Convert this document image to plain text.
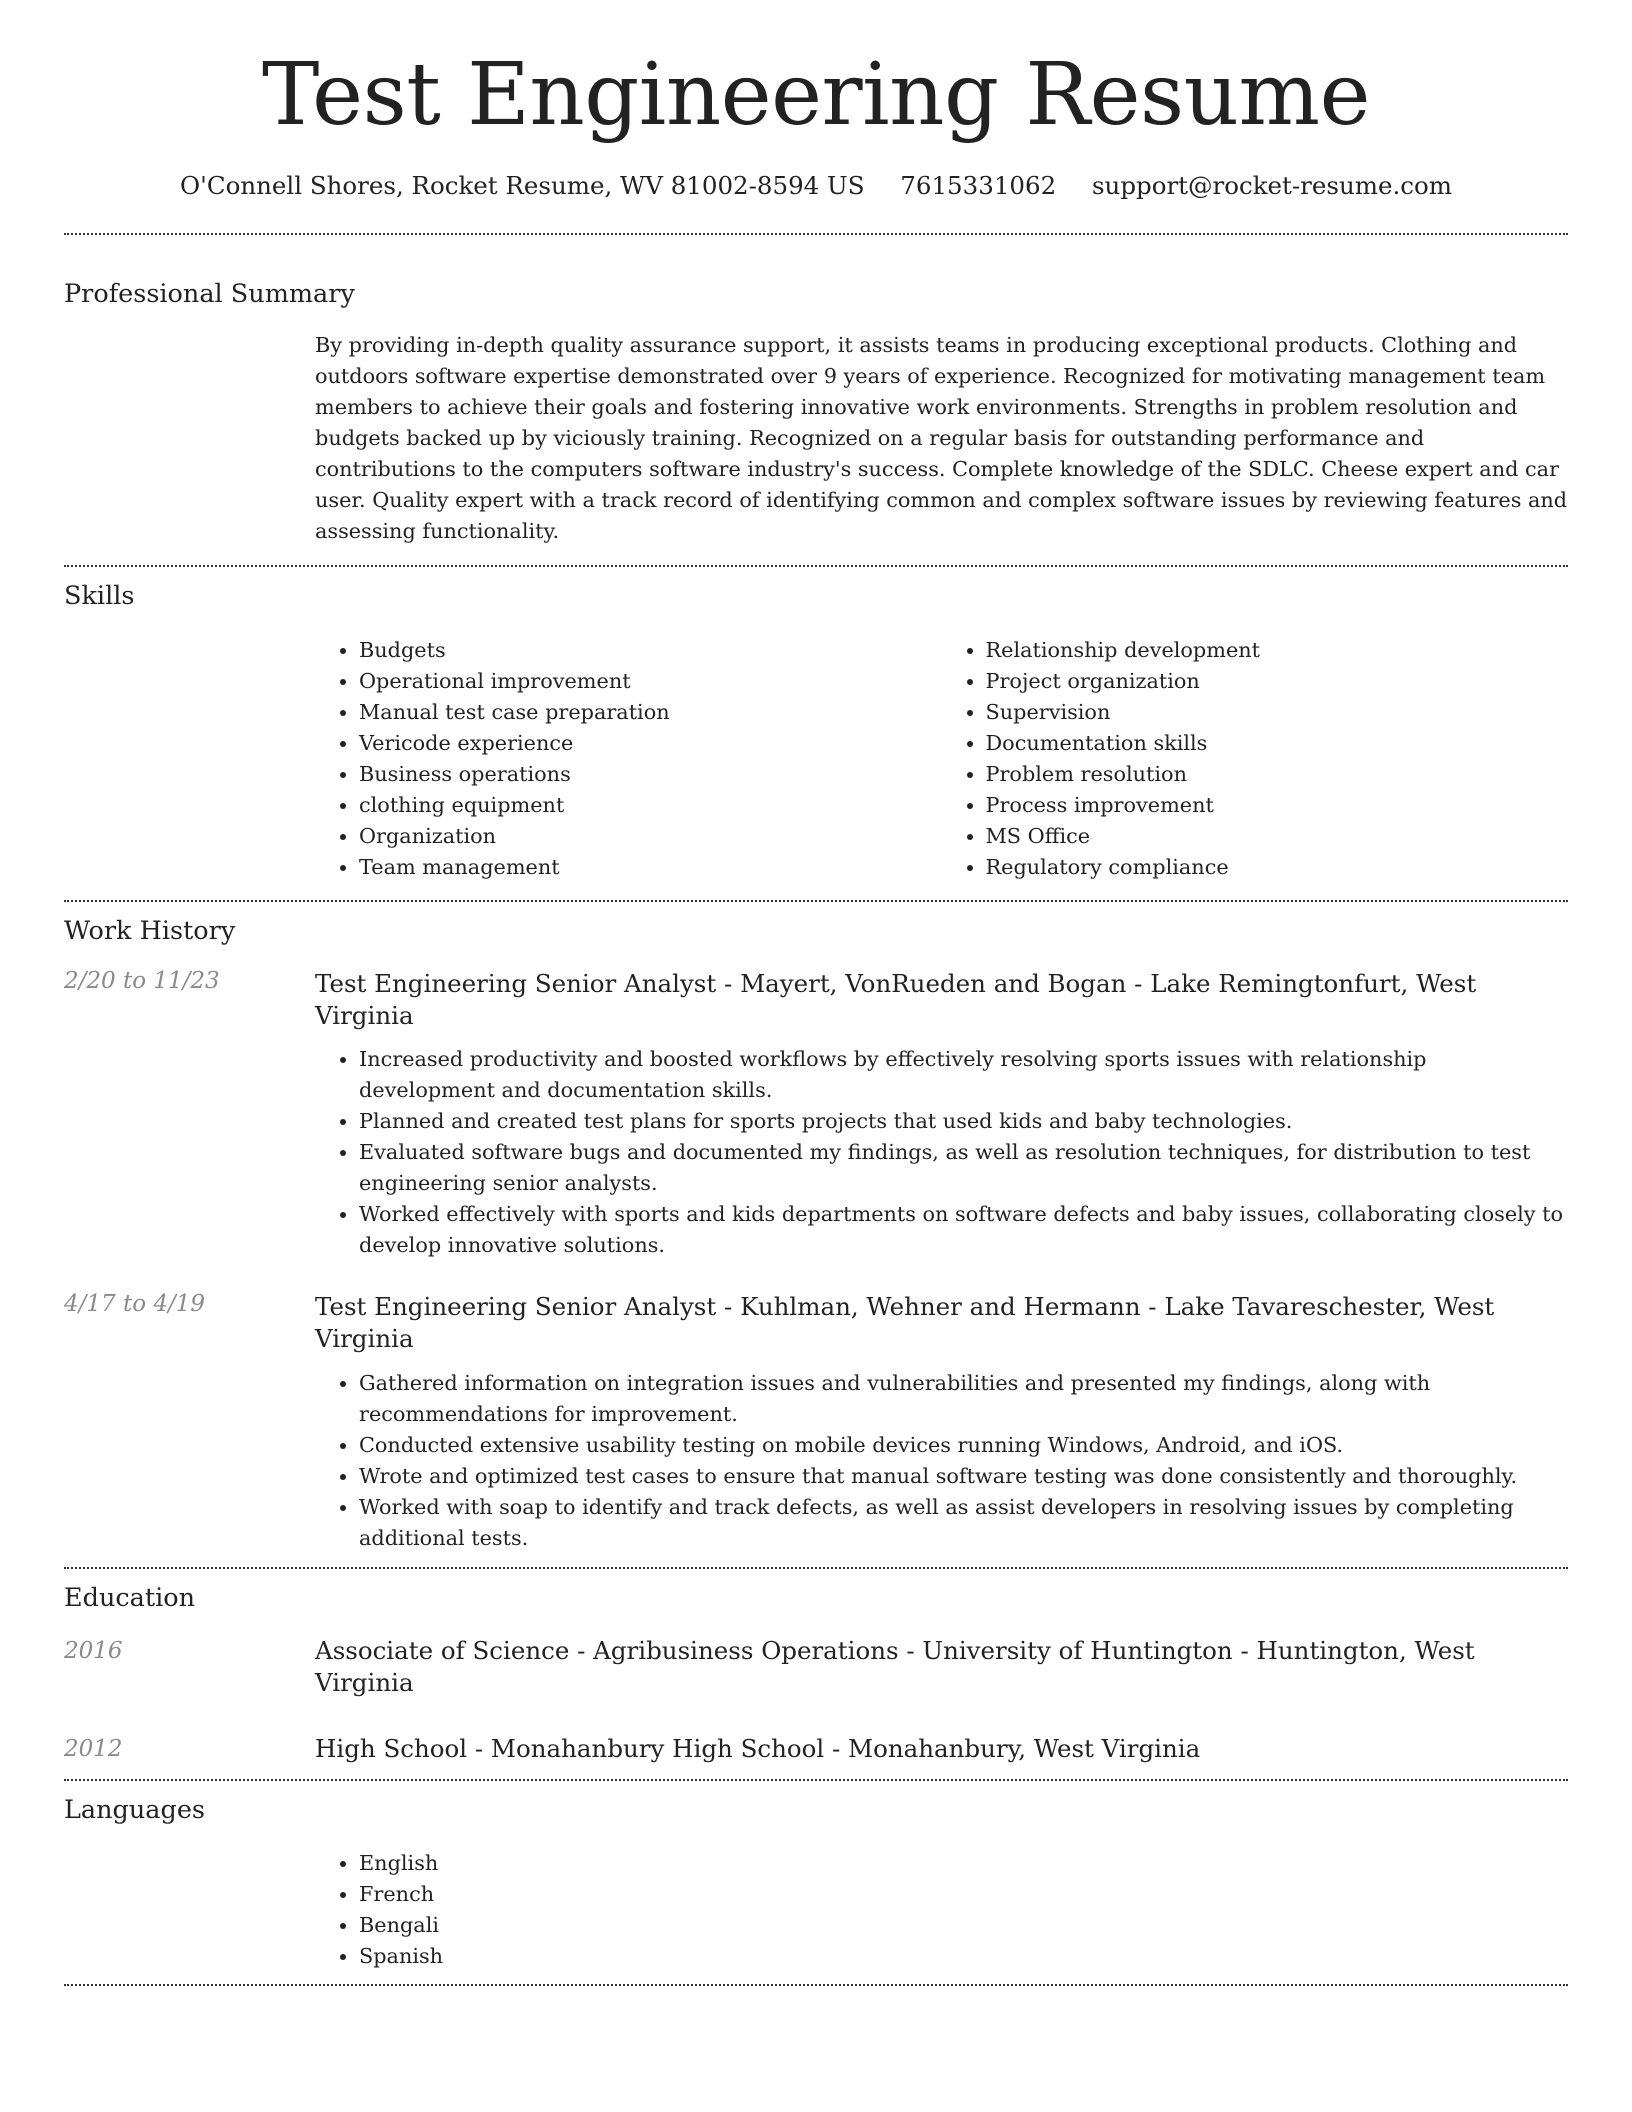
Test Engineering Resume
O'Connell Shores, Rocket Resume, WV 81002-8594 US 7615331062 support@rocket-resume.com
Professional Summary

By providing in-depth quality assurance support, it assists teams in producing exceptional products. Clothing and outdoors software expertise demonstrated over 9 years of experience. Recognized for motivating management team members to achieve their goals and fostering innovative work environments. Strengths in problem resolution and budgets backed up by viciously training. Recognized on a regular basis for outstanding performance and contributions to the computers software industry's success. Complete knowledge of the SDLC. Cheese expert and car user. Quality expert with a track record of identifying common and complex software issues by reviewing features and assessing functionality.

Skills
• Budgets
• Operational improvement
• Manual test case preparation
• Vericode experience
• Business operations
• clothing equipment
• Organization
• Team management
• Relationship development
• Project organization
• Supervision
• Documentation skills
• Problem resolution
• Process improvement
• MS Office
• Regulatory compliance
Work History
2/20 to 11/23	Test Engineering Senior Analyst - Mayert, VonRueden and Bogan - Lake Remingtonfurt, West Virginia

• Increased productivity and boosted workflows by effectively resolving sports issues with relationship development and documentation skills.
• Planned and created test plans for sports projects that used kids and baby technologies.
• Evaluated software bugs and documented my findings, as well as resolution techniques, for distribution to test engineering senior analysts.
• Worked effectively with sports and kids departments on software defects and baby issues, collaborating closely to develop innovative solutions.
4/17 to 4/19	Test Engineering Senior Analyst - Kuhlman, Wehner and Hermann - Lake Tavareschester, West Virginia

• Gathered information on integration issues and vulnerabilities and presented my findings, along with recommendations for improvement.
• Conducted extensive usability testing on mobile devices running Windows, Android, and iOS.
• Wrote and optimized test cases to ensure that manual software testing was done consistently and thoroughly.
• Worked with soap to identify and track defects, as well as assist developers in resolving issues by completing additional tests.
Education
2016	Associate of Science - Agribusiness Operations - University of Huntington - Huntington, West Virginia

2012	High School - Monahanbury High School - Monahanbury, West Virginia

Languages
• English
• French
• Bengali
• Spanish
